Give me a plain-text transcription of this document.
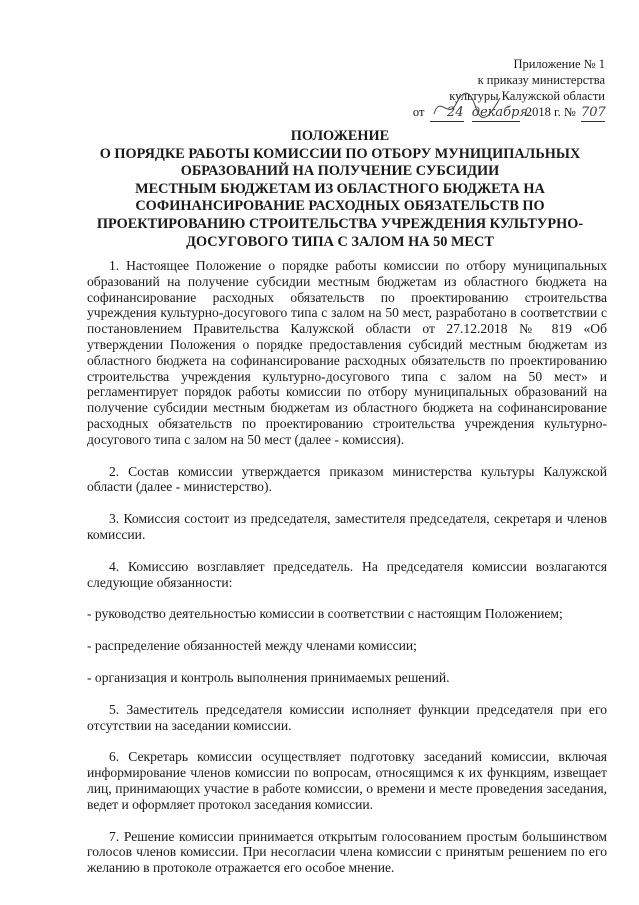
Приложение № 1
к приказу министерства
культуры Калужской области
от 24 декабря 2018 г. № 707
ПОЛОЖЕНИЕ
О ПОРЯДКЕ РАБОТЫ КОМИССИИ ПО ОТБОРУ МУНИЦИПАЛЬНЫХ
ОБРАЗОВАНИЙ НА ПОЛУЧЕНИЕ СУБСИДИИ
МЕСТНЫМ БЮДЖЕТАМ ИЗ ОБЛАСТНОГО БЮДЖЕТА НА
СОФИНАНСИРОВАНИЕ РАСХОДНЫХ ОБЯЗАТЕЛЬСТВ ПО
ПРОЕКТИРОВАНИЮ СТРОИТЕЛЬСТВА УЧРЕЖДЕНИЯ КУЛЬТУРНО-
ДОСУГОВОГО ТИПА С ЗАЛОМ НА 50 МЕСТ

1. Настоящее Положение о порядке работы комиссии по отбору муниципальных образований на получение субсидии местным бюджетам из областного бюджета на софинансирование расходных обязательств по проектированию строительства учреждения культурно-досугового типа с залом на 50 мест, разработано в соответствии с постановлением Правительства Калужской области от 27.12.2018 № 819 «Об утверждении Положения о порядке предоставления субсидий местным бюджетам из областного бюджета на софинансирование расходных обязательств по проектированию строительства учреждения культурно-досугового типа с залом на 50 мест» и регламентирует порядок работы комиссии по отбору муниципальных образований на получение субсидии местным бюджетам из областного бюджета на софинансирование расходных обязательств по проектированию строительства учреждения культурно-досугового типа с залом на 50 мест (далее - комиссия).

2. Состав комиссии утверждается приказом министерства культуры Калужской области (далее - министерство).

3. Комиссия состоит из председателя, заместителя председателя, секретаря и членов комиссии.

4. Комиссию возглавляет председатель. На председателя комиссии возлагаются следующие обязанности:

- руководство деятельностью комиссии в соответствии с настоящим Положением;

- распределение обязанностей между членами комиссии;

- организация и контроль выполнения принимаемых решений.

5. Заместитель председателя комиссии исполняет функции председателя при его отсутствии на заседании комиссии.

6. Секретарь комиссии осуществляет подготовку заседаний комиссии, включая информирование членов комиссии по вопросам, относящимся к их функциям, извещает лиц, принимающих участие в работе комиссии, о времени и месте проведения заседания, ведет и оформляет протокол заседания комиссии.

7. Решение комиссии принимается открытым голосованием простым большинством голосов членов комиссии. При несогласии члена комиссии с принятым решением по его желанию в протоколе отражается его особое мнение.
